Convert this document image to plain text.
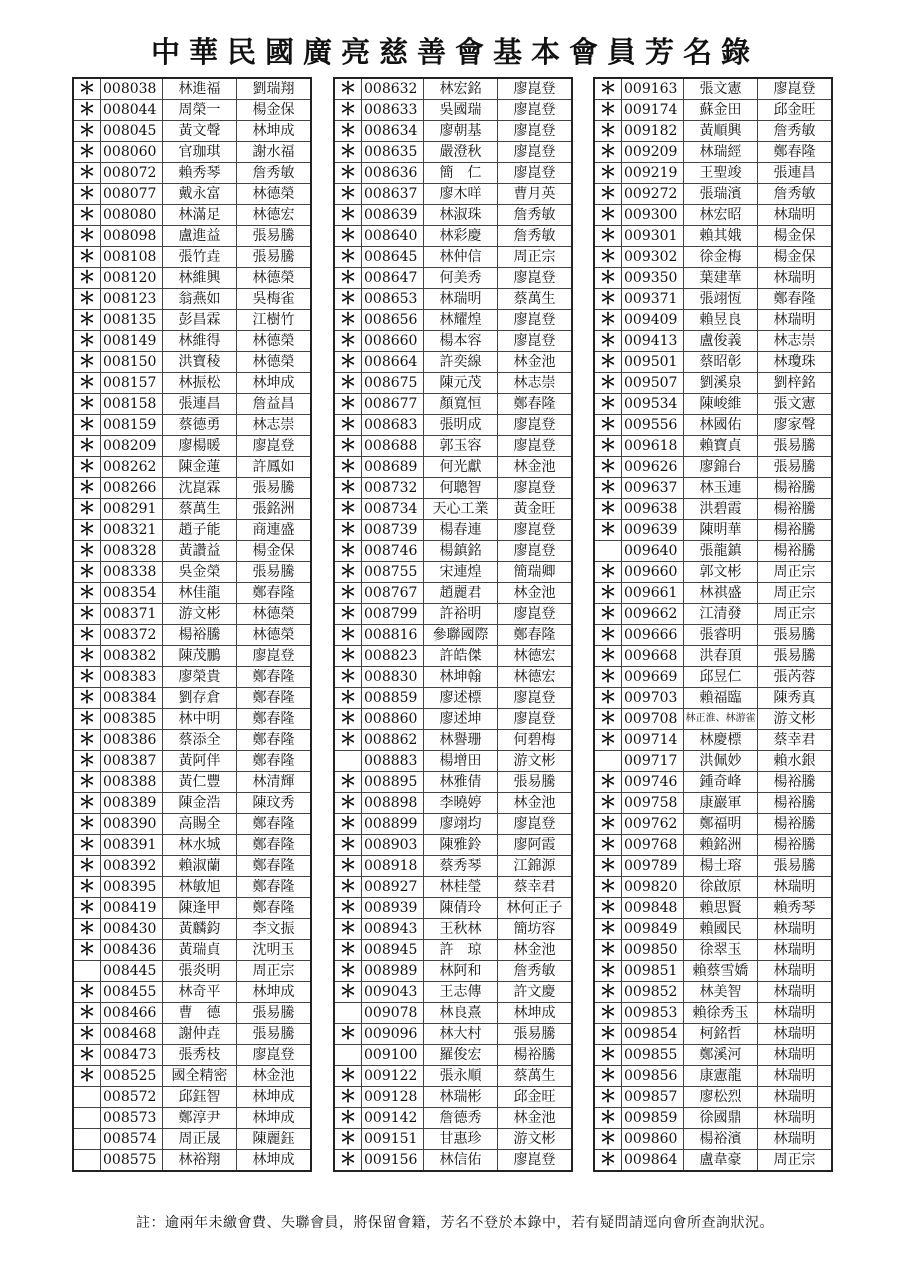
中華民國廣亮慈善會基本會員芳名錄
＊	008038	林進福	劉瑞翔
＊	008044	周榮一	楊金保
＊	008045	黃文聲	林坤成
＊	008060	官珈琪	謝水福
＊	008072	賴秀琴	詹秀敏
＊	008077	戴永富	林德榮
＊	008080	林滿足	林德宏
＊	008098	盧進益	張易騰
＊	008108	張竹垚	張易騰
＊	008120	林維興	林德榮
＊	008123	翁燕如	吳梅雀
＊	008135	彭昌霖	江樹竹
＊	008149	林維得	林德榮
＊	008150	洪寶稜	林德榮
＊	008157	林振松	林坤成
＊	008158	張連昌	詹益昌
＊	008159	蔡德勇	林志崇
＊	008209	廖楊暖	廖崑登
＊	008262	陳金蓮	許鳳如
＊	008266	沈崑霖	張易騰
＊	008291	蔡萬生	張銘洲
＊	008321	趙子能	商連盛
＊	008328	黃讚益	楊金保
＊	008338	吳金榮	張易騰
＊	008354	林佳龍	鄭春隆
＊	008371	游文彬	林德榮
＊	008372	楊裕騰	林德榮
＊	008382	陳茂鵬	廖崑登
＊	008383	廖榮貴	鄭春隆
＊	008384	劉存倉	鄭春隆
＊	008385	林中明	鄭春隆
＊	008386	蔡添全	鄭春隆
＊	008387	黃阿伴	鄭春隆
＊	008388	黃仁豐	林清輝
＊	008389	陳金浩	陳玟秀
＊	008390	高賜全	鄭春隆
＊	008391	林水城	鄭春隆
＊	008392	賴淑蘭	鄭春隆
＊	008395	林敏旭	鄭春隆
＊	008419	陳逢甲	鄭春隆
＊	008430	黃麟鈞	李文振
＊	008436	黃瑞貞	沈明玉
	008445	張炎明	周正宗
＊	008455	林奇平	林坤成
＊	008466	曹　德	張易騰
＊	008468	謝仲垚	張易騰
＊	008473	張秀枝	廖崑登
＊	008525	國全精密	林金池
	008572	邱鈺智	林坤成
	008573	鄭淳尹	林坤成
	008574	周正晟	陳麗鈺
	008575	林裕翔	林坤成
＊	008632	林宏銘	廖崑登
＊	008633	吳國瑞	廖崑登
＊	008634	廖朝基	廖崑登
＊	008635	嚴澄秋	廖崑登
＊	008636	簡　仁	廖崑登
＊	008637	廖木咩	曹月英
＊	008639	林淑珠	詹秀敏
＊	008640	林彩慶	詹秀敏
＊	008645	林仲信	周正宗
＊	008647	何美秀	廖崑登
＊	008653	林瑞明	蔡萬生
＊	008656	林耀煌	廖崑登
＊	008660	楊本容	廖崑登
＊	008664	許奕線	林金池
＊	008675	陳元茂	林志崇
＊	008677	顏寬恒	鄭春隆
＊	008683	張明成	廖崑登
＊	008688	郭玉容	廖崑登
＊	008689	何光獻	林金池
＊	008732	何聰智	廖崑登
＊	008734	天心工業	黃金旺
＊	008739	楊春連	廖崑登
＊	008746	楊鎮銘	廖崑登
＊	008755	宋連煌	簡瑞卿
＊	008767	趙麗君	林金池
＊	008799	許裕明	廖崑登
＊	008816	參聯國際	鄭春隆
＊	008823	許皓傑	林德宏
＊	008830	林坤翰	林德宏
＊	008859	廖述標	廖崑登
＊	008860	廖述坤	廖崑登
＊	008862	林譽珊	何碧梅
	008883	楊增田	游文彬
＊	008895	林雅倩	張易騰
＊	008898	李曉婷	林金池
＊	008899	廖翊均	廖崑登
＊	008903	陳雅鈴	廖阿霞
＊	008918	蔡秀琴	江錦源
＊	008927	林桂瑩	蔡幸君
＊	008939	陳倩玲	林何正子
＊	008943	王秋林	簡坊容
＊	008945	許　琼	林金池
＊	008989	林阿和	詹秀敏
＊	009043	王志傳	許文慶
	009078	林良熹	林坤成
＊	009096	林大村	張易騰
	009100	羅俊宏	楊裕騰
＊	009122	張永順	蔡萬生
＊	009128	林瑞彬	邱金旺
＊	009142	詹德秀	林金池
＊	009151	甘惠珍	游文彬
＊	009156	林信佑	廖崑登
＊	009163	張文憲	廖崑登
＊	009174	蘇金田	邱金旺
＊	009182	黃順興	詹秀敏
＊	009209	林瑞經	鄭春隆
＊	009219	王聖竣	張連昌
＊	009272	張瑞濱	詹秀敏
＊	009300	林宏昭	林瑞明
＊	009301	賴其娥	楊金保
＊	009302	徐金梅	楊金保
＊	009350	葉建華	林瑞明
＊	009371	張翊恆	鄭春隆
＊	009409	賴昱良	林瑞明
＊	009413	盧俊義	林志崇
＊	009501	蔡昭彰	林瓊珠
＊	009507	劉溪泉	劉梓銘
＊	009534	陳峻維	張文憲
＊	009556	林國佑	廖家聲
＊	009618	賴寶貞	張易騰
＊	009626	廖錦台	張易騰
＊	009637	林玉連	楊裕騰
＊	009638	洪碧霞	楊裕騰
＊	009639	陳明華	楊裕騰
	009640	張龍鎮	楊裕騰
＊	009660	郭文彬	周正宗
＊	009661	林祺盛	周正宗
＊	009662	江清發	周正宗
＊	009666	張睿明	張易騰
＊	009668	洪春頂	張易騰
＊	009669	邱昱仁	張芮蓉
＊	009703	賴福臨	陳秀真
＊	009708	林正淮、林游雀	游文彬
＊	009714	林慶標	蔡幸君
	009717	洪佩妙	賴水銀
＊	009746	鍾奇峰	楊裕騰
＊	009758	康巖軍	楊裕騰
＊	009762	鄭福明	楊裕騰
＊	009768	賴銘洲	楊裕騰
＊	009789	楊士瑢	張易騰
＊	009820	徐啟原	林瑞明
＊	009848	賴思賢	賴秀琴
＊	009849	賴國民	林瑞明
＊	009850	徐翠玉	林瑞明
＊	009851	賴蔡雪嬌	林瑞明
＊	009852	林美智	林瑞明
＊	009853	賴徐秀玉	林瑞明
＊	009854	柯銘哲	林瑞明
＊	009855	鄭溪河	林瑞明
＊	009856	康憲龍	林瑞明
＊	009857	廖松烈	林瑞明
＊	009859	徐國鼎	林瑞明
＊	009860	楊裕濱	林瑞明
＊	009864	盧韋豪	周正宗
註：逾兩年未繳會費、失聯會員，將保留會籍，芳名不登於本錄中，若有疑問請逕向會所查詢狀況。
